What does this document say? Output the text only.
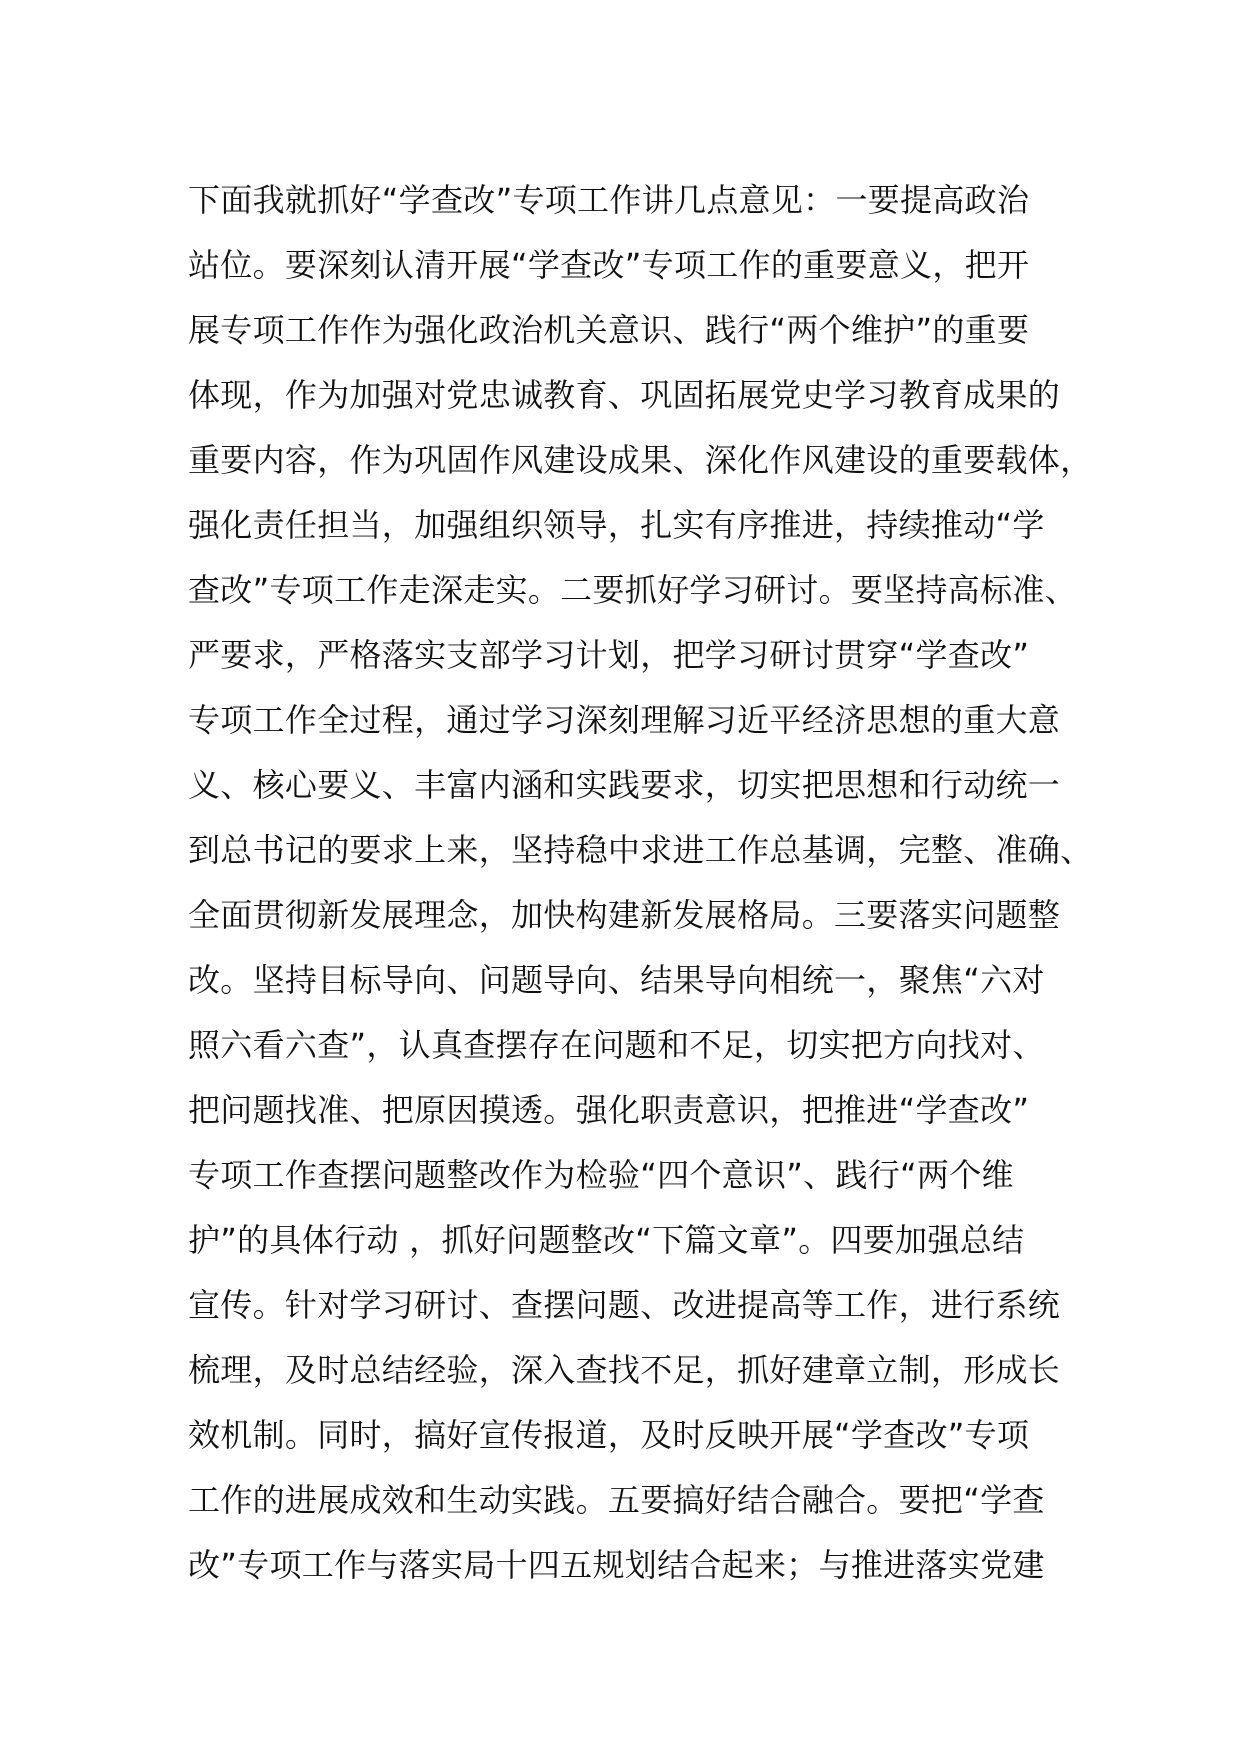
下面我就抓好“学查改”专项工作讲几点意见：一要提高政治
站位。要深刻认清开展“学查改”专项工作的重要意义，把开
展专项工作作为强化政治机关意识、践行“两个维护”的重要
体现，作为加强对党忠诚教育、巩固拓展党史学习教育成果的
重要内容，作为巩固作风建设成果、深化作风建设的重要载体，
强化责任担当，加强组织领导，扎实有序推进，持续推动“学
查改”专项工作走深走实。二要抓好学习研讨。要坚持高标准、
严要求，严格落实支部学习计划，把学习研讨贯穿“学查改”
专项工作全过程，通过学习深刻理解习近平经济思想的重大意
义、核心要义、丰富内涵和实践要求，切实把思想和行动统一
到总书记的要求上来，坚持稳中求进工作总基调，完整、准确、
全面贯彻新发展理念，加快构建新发展格局。三要落实问题整
改。坚持目标导向、问题导向、结果导向相统一，聚焦“六对
照六看六查”，认真查摆存在问题和不足，切实把方向找对、
把问题找准、把原因摸透。强化职责意识，把推进“学查改”
专项工作查摆问题整改作为检验“四个意识”、践行“两个维
护”的具体行动 ，抓好问题整改“下篇文章”。四要加强总结
宣传。针对学习研讨、查摆问题、改进提高等工作，进行系统
梳理，及时总结经验，深入查找不足，抓好建章立制，形成长
效机制。同时，搞好宣传报道，及时反映开展“学查改”专项
工作的进展成效和生动实践。五要搞好结合融合。要把“学查
改”专项工作与落实局十四五规划结合起来；与推进落实党建
